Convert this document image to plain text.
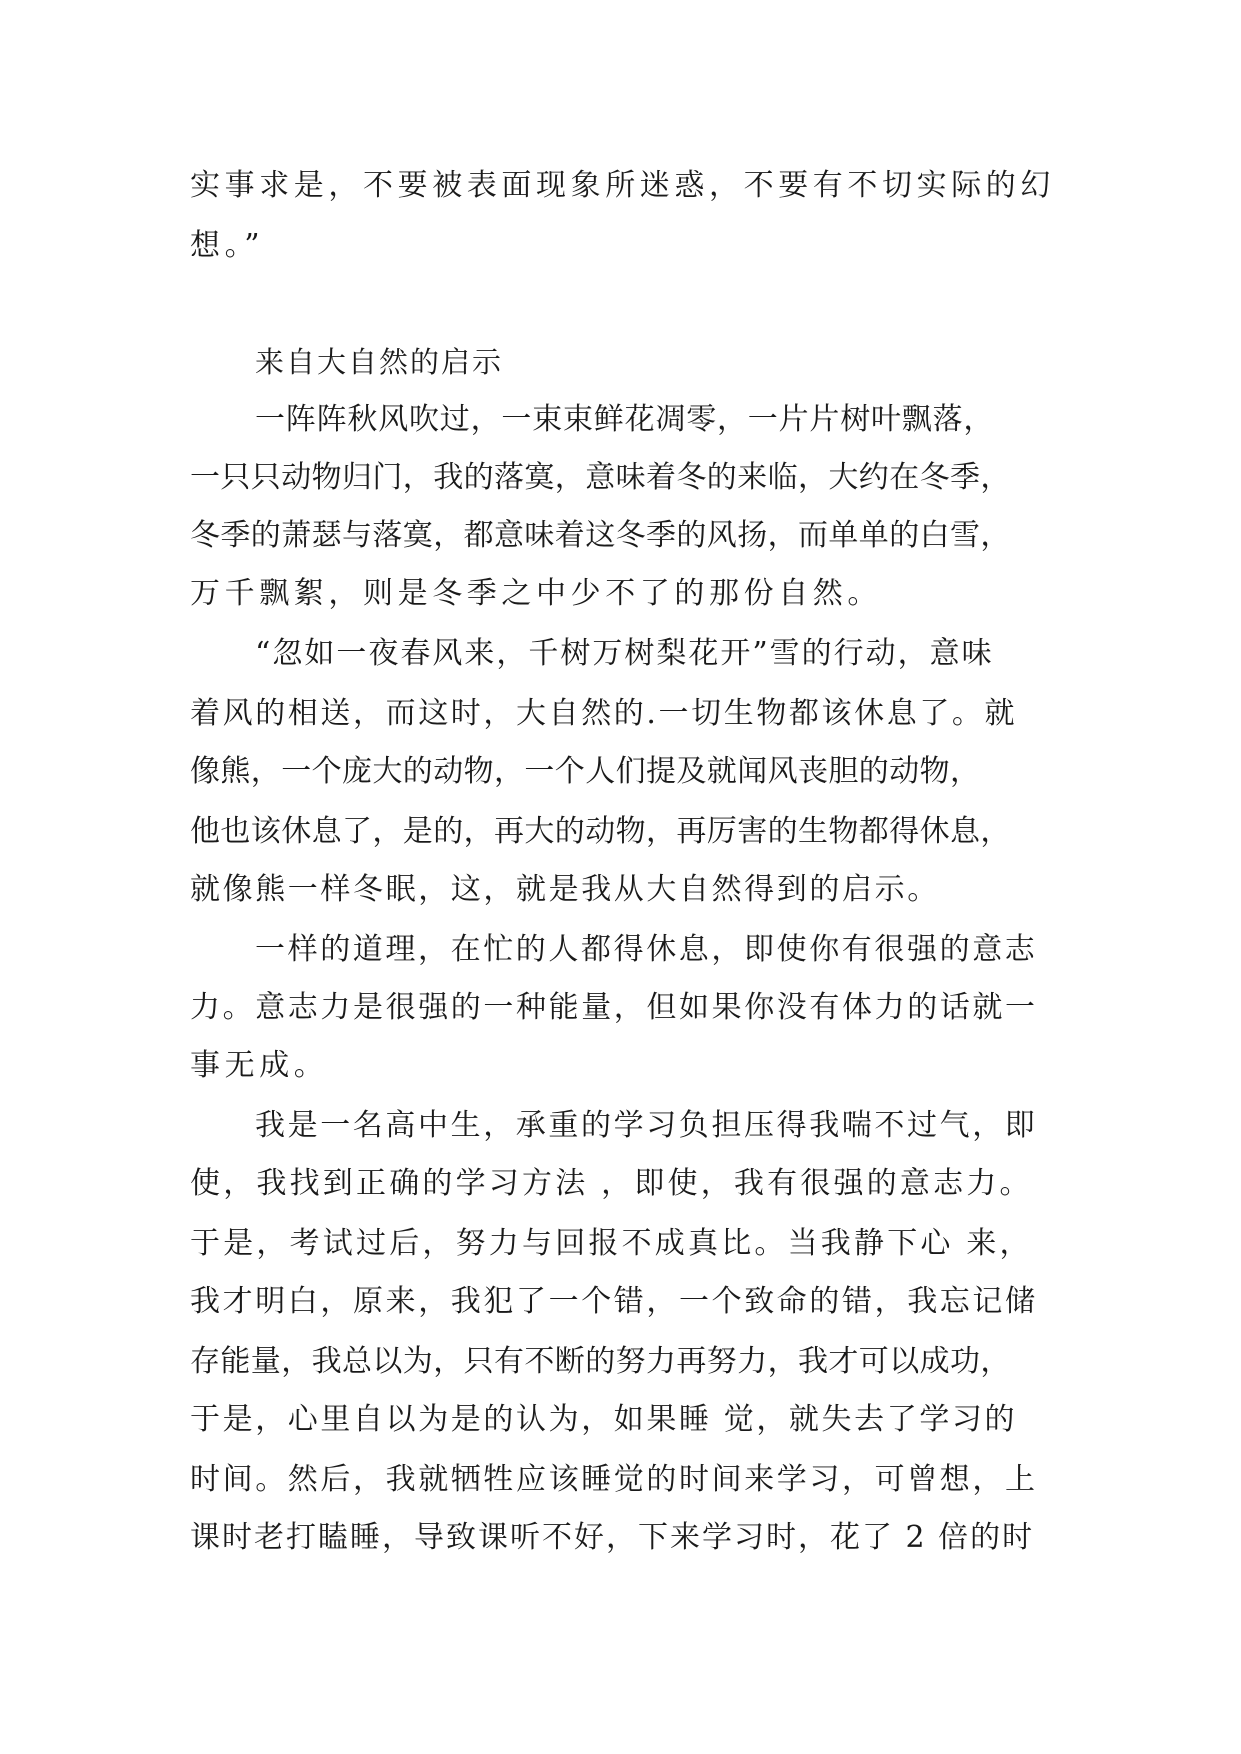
实事求是，不要被表面现象所迷惑，不要有不切实际的幻
想。”
来自大自然的启示
一阵阵秋风吹过，一束束鲜花凋零，一片片树叶飘落，
一只只动物归门，我的落寞，意味着冬的来临，大约在冬季，
冬季的萧瑟与落寞，都意味着这冬季的风扬，而单单的白雪，
万千飘絮，则是冬季之中少不了的那份自然。
“忽如一夜春风来，千树万树梨花开”雪的行动，意味
着风的相送，而这时，大自然的.一切生物都该休息了。就
像熊，一个庞大的动物，一个人们提及就闻风丧胆的动物，
他也该休息了，是的，再大的动物，再厉害的生物都得休息，
就像熊一样冬眠，这，就是我从大自然得到的启示。
一样的道理，在忙的人都得休息，即使你有很强的意志
力。意志力是很强的一种能量，但如果你没有体力的话就一
事无成。
我是一名高中生，承重的学习负担压得我喘不过气，即
使，我找到正确的学习方法 ，即使，我有很强的意志力。
于是，考试过后，努力与回报不成真比。当我静下心 来，
我才明白，原来，我犯了一个错，一个致命的错，我忘记储
存能量，我总以为，只有不断的努力再努力，我才可以成功，
于是，心里自以为是的认为，如果睡 觉，就失去了学习的
时间。然后，我就牺牲应该睡觉的时间来学习，可曾想，上
课时老打瞌睡，导致课听不好，下来学习时，花了 2 倍的时
